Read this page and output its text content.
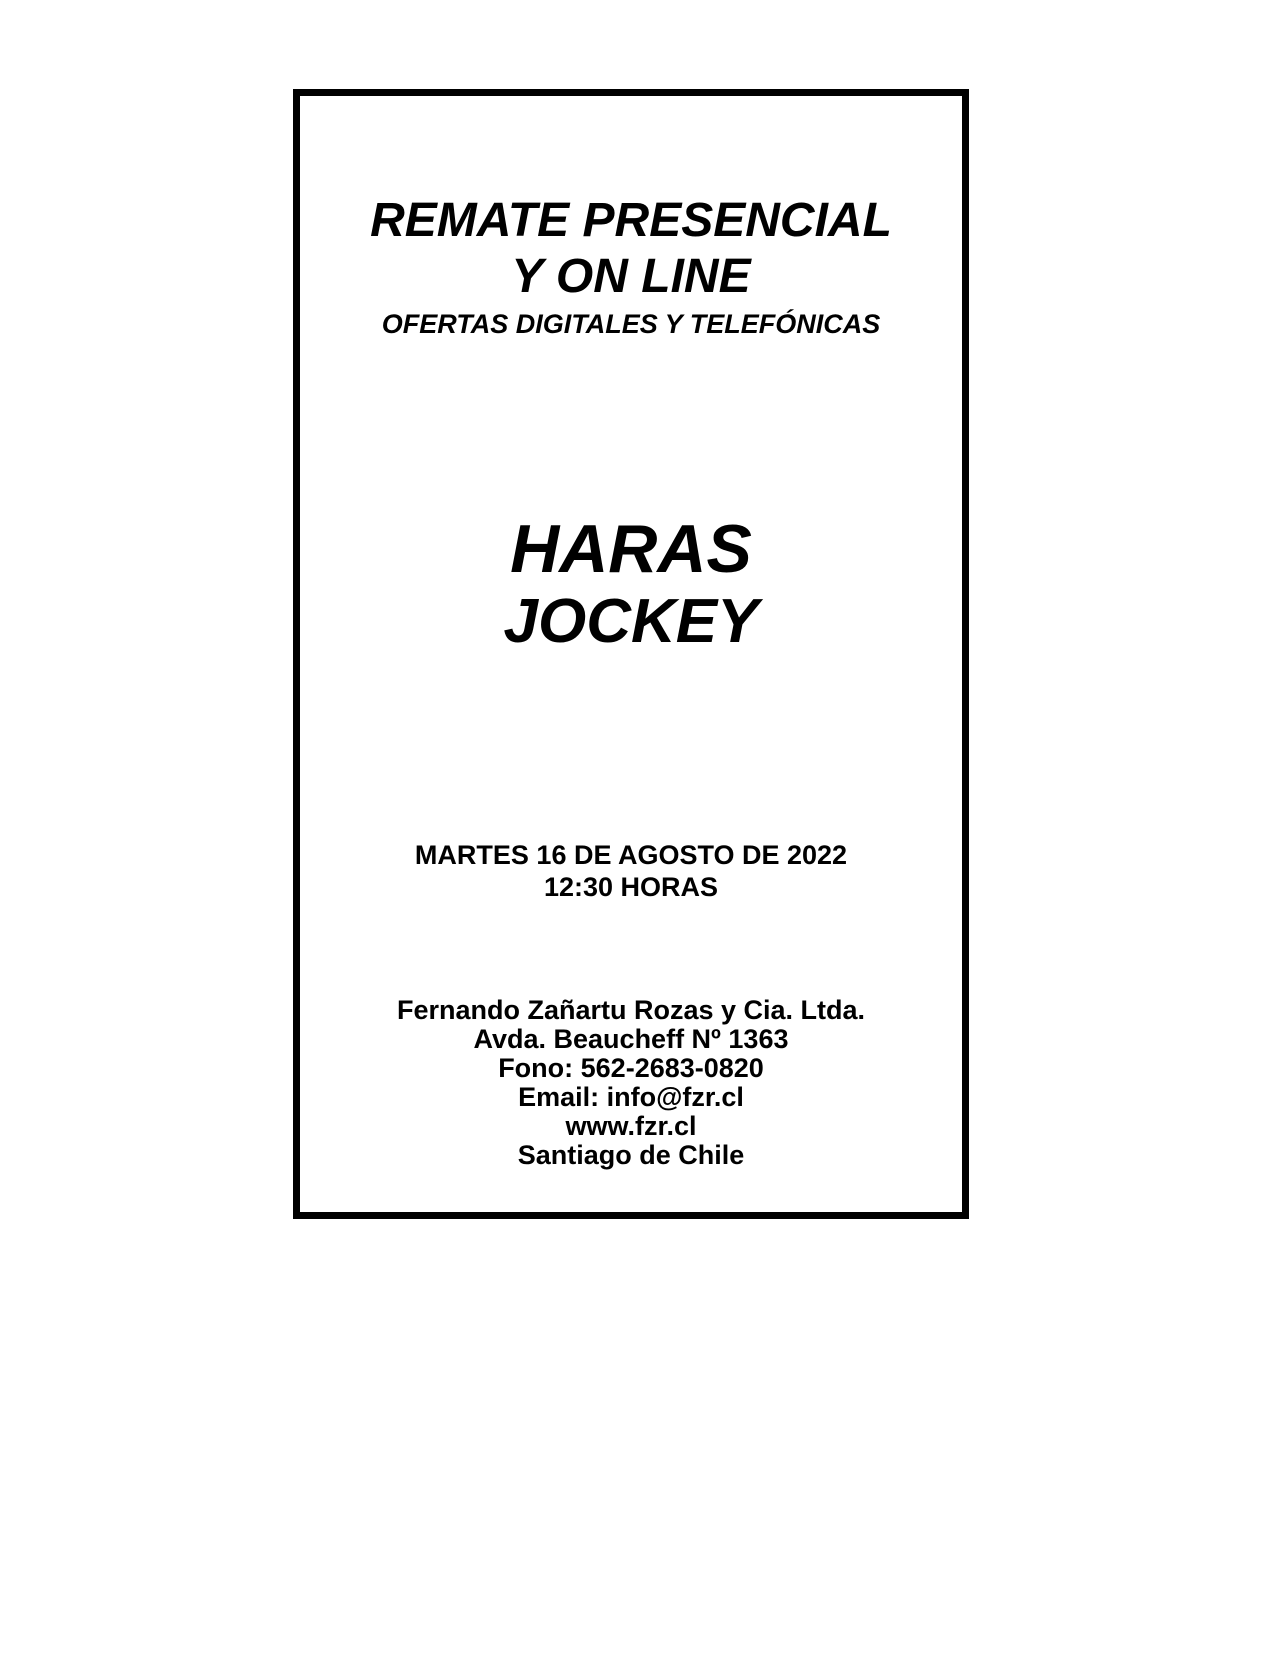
REMATE PRESENCIAL

Y ON LINE

OFERTAS DIGITALES Y TELEFÓNICAS

HARAS

JOCKEY

MARTES 16 DE AGOSTO DE 2022

12:30 HORAS

Fernando Zañartu Rozas y Cia. Ltda.

Avda. Beaucheff Nº 1363

Fono: 562-2683-0820

Email: info@fzr.cl

www.fzr.cl

Santiago de Chile
